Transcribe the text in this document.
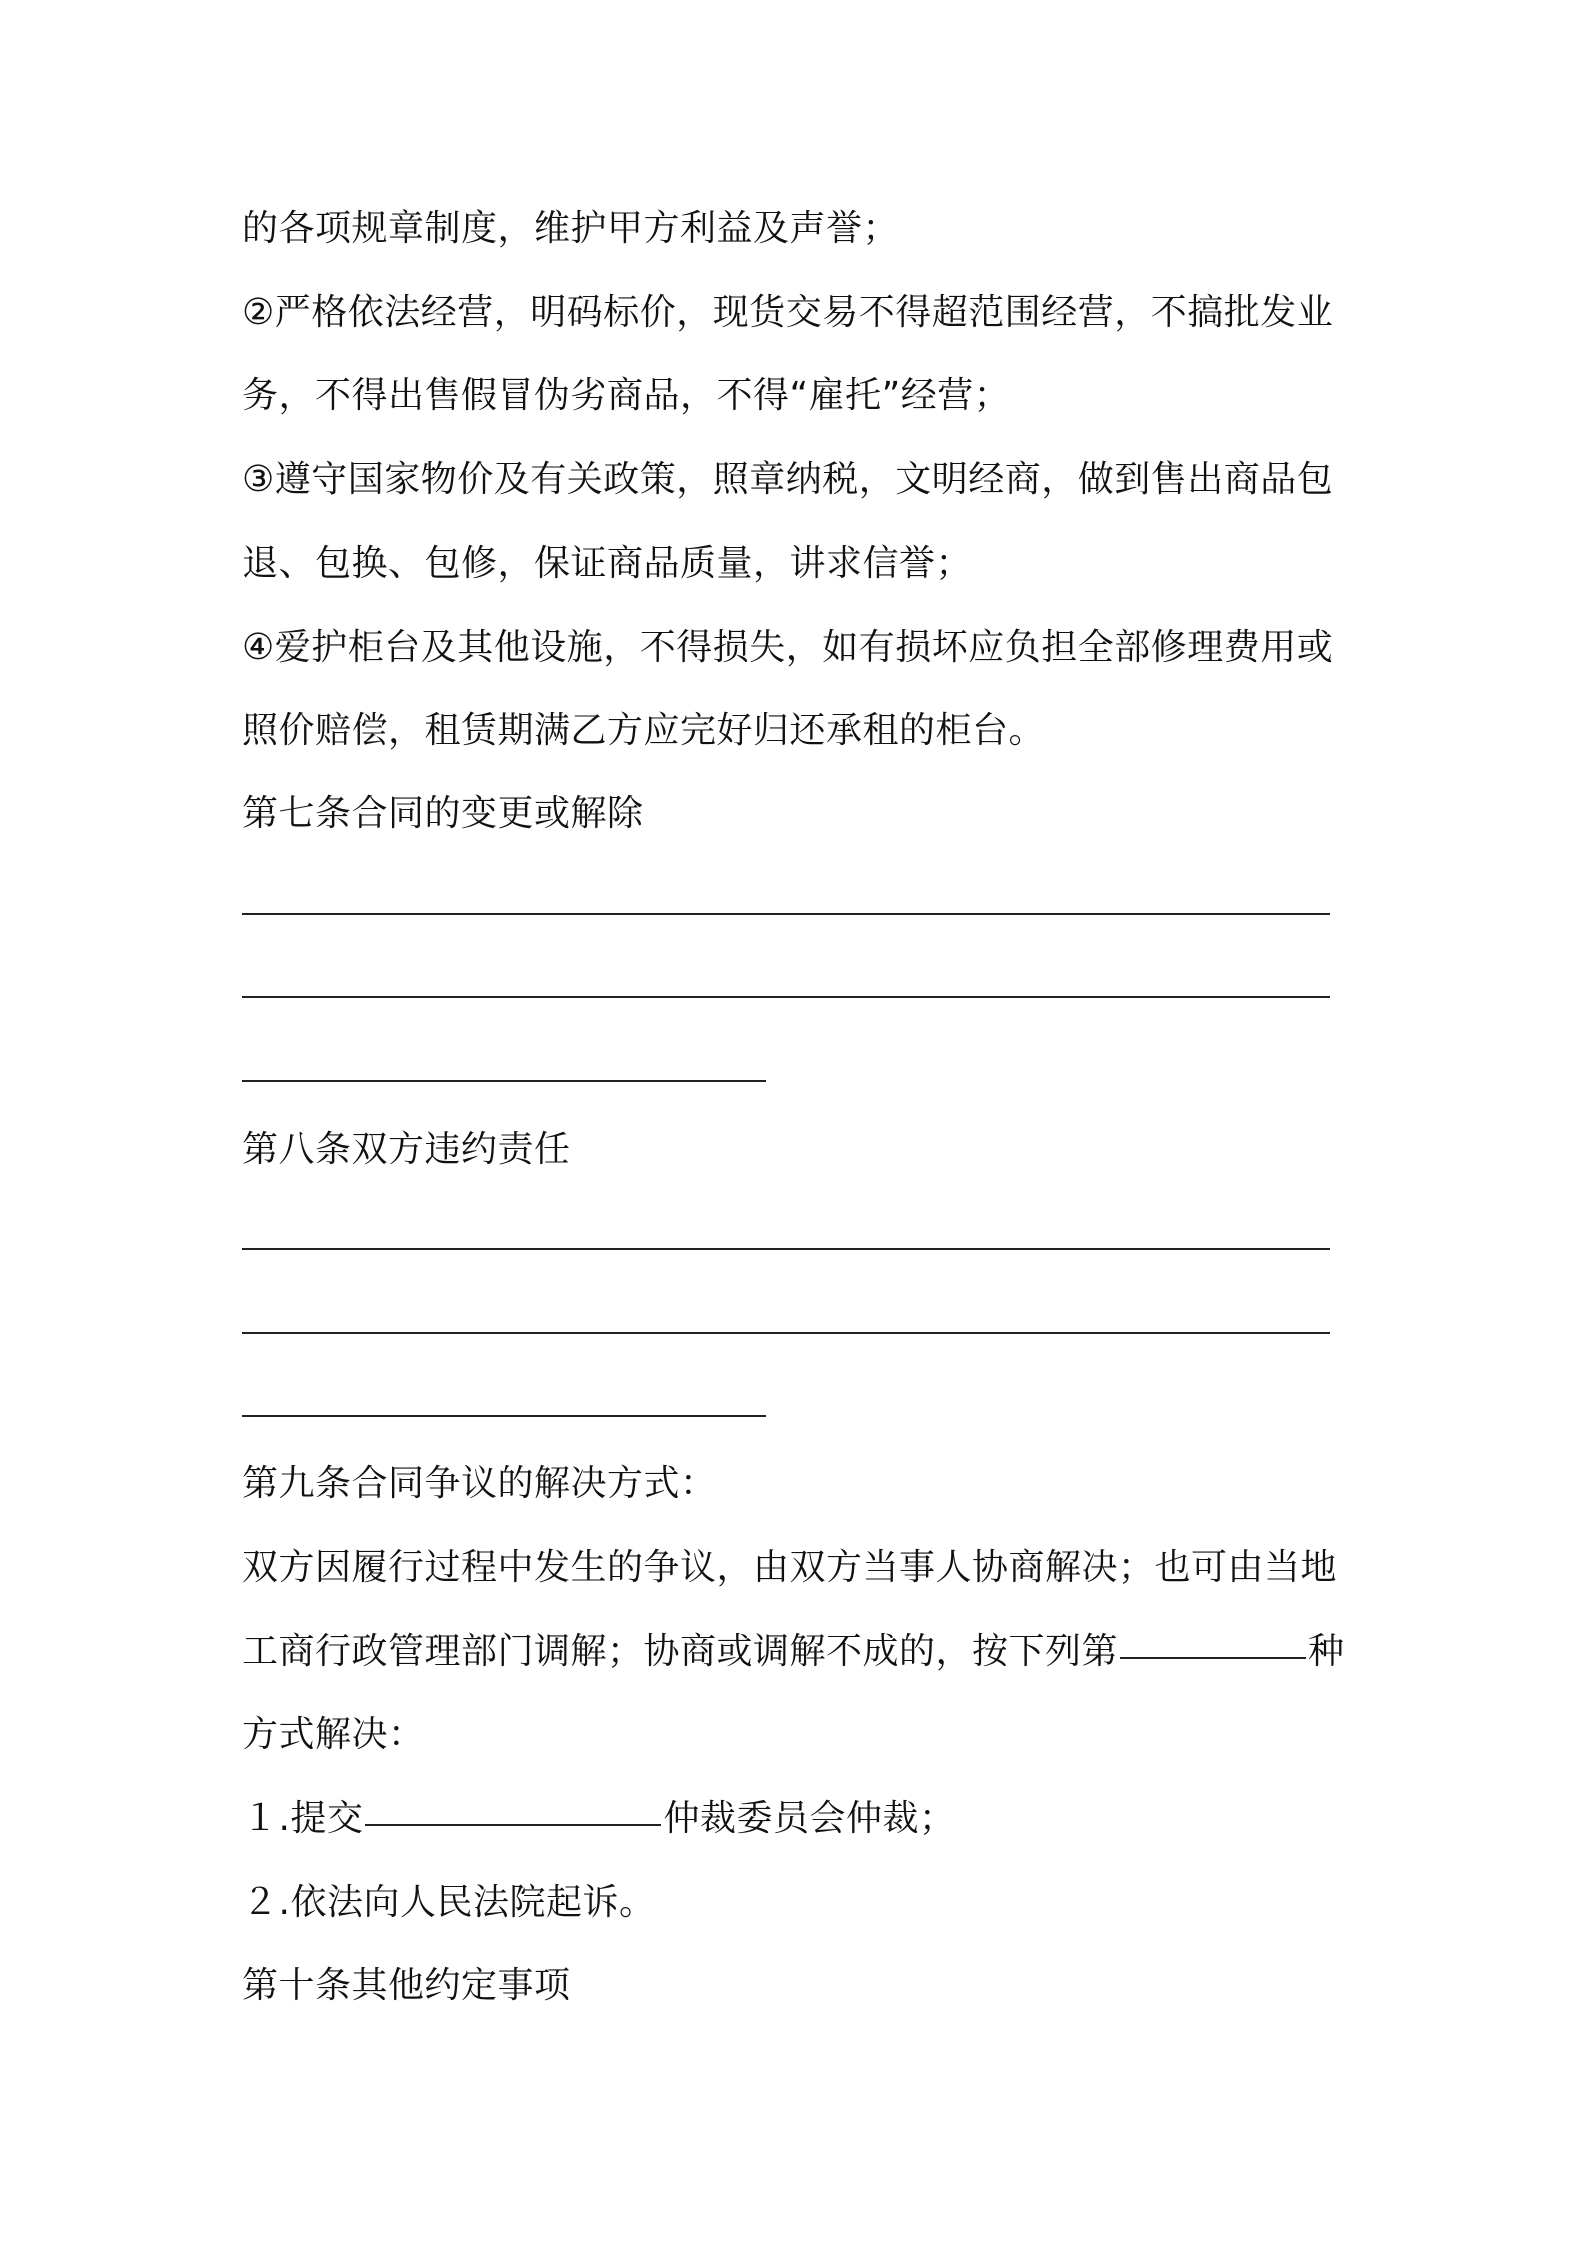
的各项规章制度，维护甲方利益及声誉；
②严格依法经营，明码标价，现货交易不得超范围经营，不搞批发业
务，不得出售假冒伪劣商品，不得“雇托”经营；
③遵守国家物价及有关政策，照章纳税，文明经商，做到售出商品包
退、包换、包修，保证商品质量，讲求信誉；
④爱护柜台及其他设施，不得损失，如有损坏应负担全部修理费用或
照价赔偿，租赁期满乙方应完好归还承租的柜台。
第七条合同的变更或解除
第八条双方违约责任
第九条合同争议的解决方式：
双方因履行过程中发生的争议，由双方当事人协商解决；也可由当地
工商行政管理部门调解；协商或调解不成的，按下列第	种
方式解决：
１.提交	仲裁委员会仲裁；
２.依法向人民法院起诉。
第十条其他约定事项
